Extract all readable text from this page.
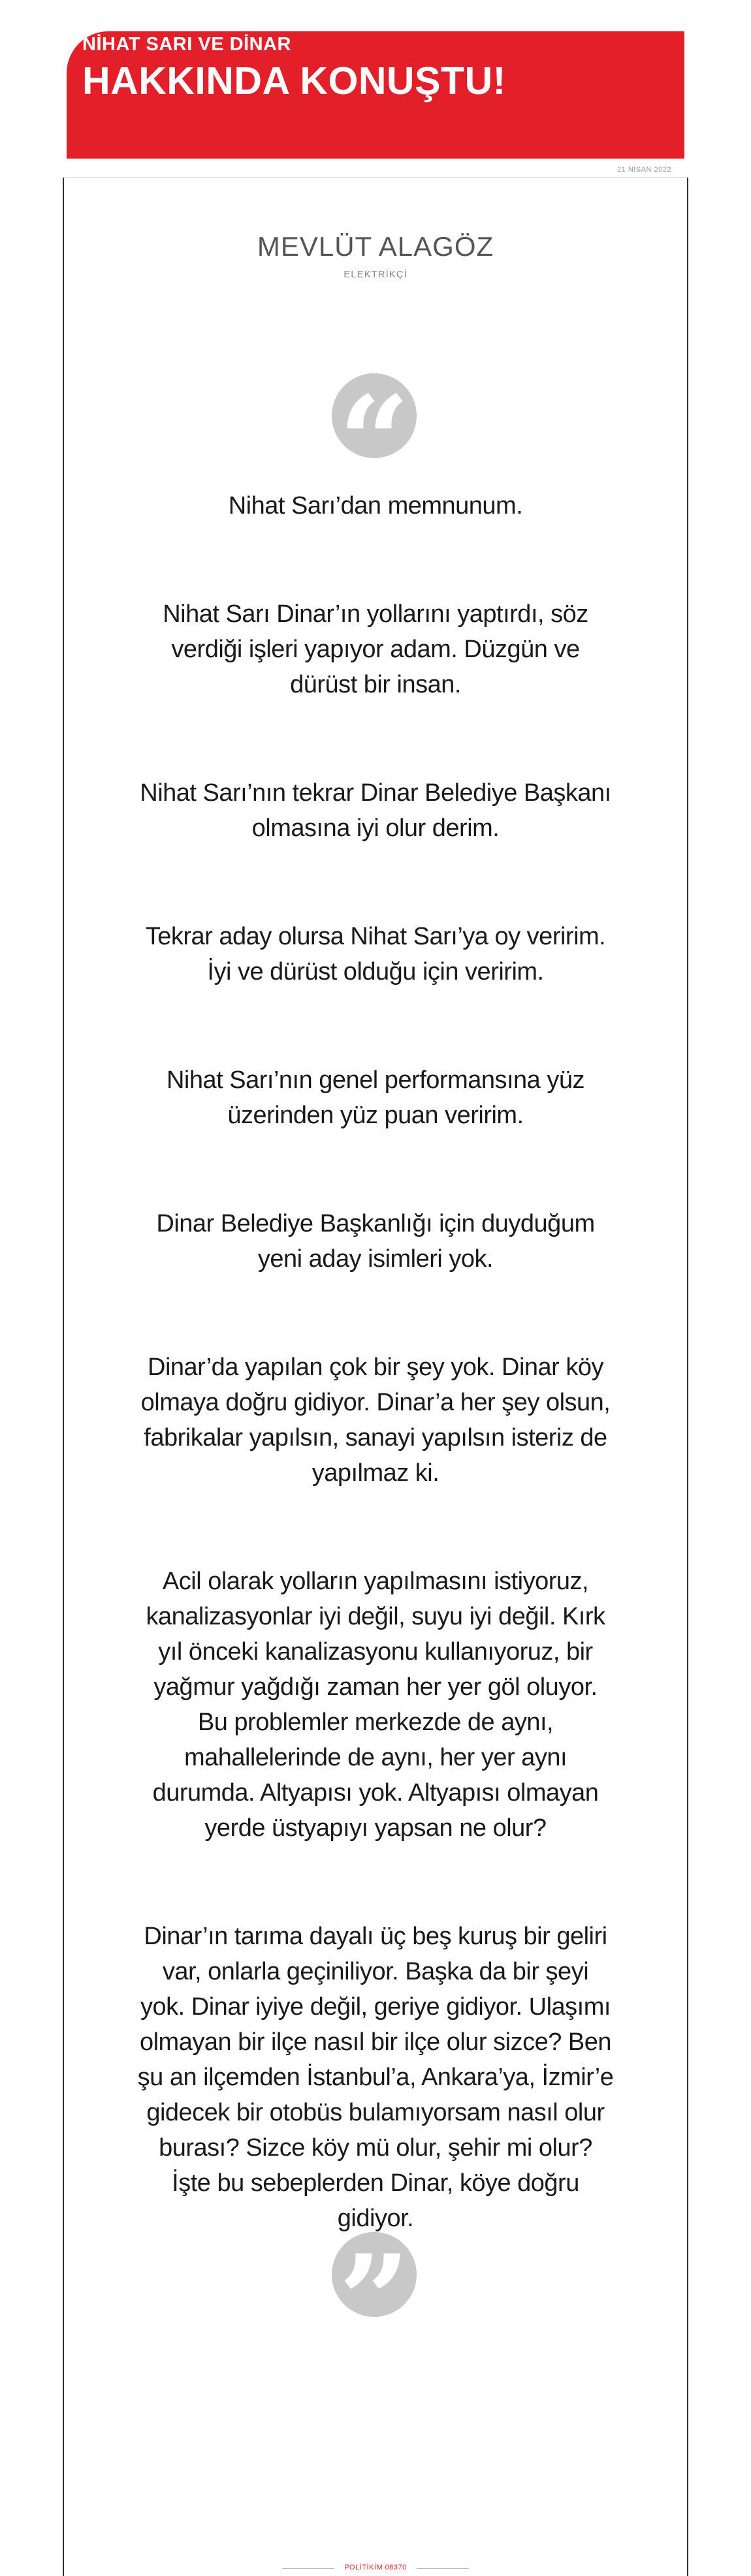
NİHAT SARI VE DİNAR
HAKKINDA KONUŞTU!
21 NİSAN 2022
MEVLÜT ALAGÖZ
ELEKTRİKÇİ
“

Nihat Sarı’dan memnunum.

Nihat Sarı Dinar’ın yollarını yaptırdı, söz verdiği işleri yapıyor adam. Düzgün ve dürüst bir insan.

Nihat Sarı’nın tekrar Dinar Belediye Başkanı olmasına iyi olur derim.

Tekrar aday olursa Nihat Sarı’ya oy veririm. İyi ve dürüst olduğu için veririm.

Nihat Sarı’nın genel performansına yüz üzerinden yüz puan veririm.

Dinar Belediye Başkanlığı için duyduğum yeni aday isimleri yok.

Dinar’da yapılan çok bir şey yok. Dinar köy olmaya doğru gidiyor. Dinar’a her şey olsun, fabrikalar yapılsın, sanayi yapılsın isteriz de yapılmaz ki.

Acil olarak yolların yapılmasını istiyoruz, kanalizasyonlar iyi değil, suyu iyi değil. Kırk yıl önceki kanalizasyonu kullanıyoruz, bir yağmur yağdığı zaman her yer göl oluyor. Bu problemler merkezde de aynı, mahallelerinde de aynı, her yer aynı durumda. Altyapısı yok. Altyapısı olmayan yerde üstyapıyı yapsan ne olur?

Dinar’ın tarıma dayalı üç beş kuruş bir geliri var, onlarla geçiniliyor. Başka da bir şeyi yok. Dinar iyiye değil, geriye gidiyor. Ulaşımı olmayan bir ilçe nasıl bir ilçe olur sizce? Ben şu an ilçemden İstanbul’a, Ankara’ya, İzmir’e gidecek bir otobüs bulamıyorsam nasıl olur burası? Sizce köy mü olur, şehir mi olur? İşte bu sebeplerden Dinar, köye doğru gidiyor.

”
POLİTİKİM 08370
